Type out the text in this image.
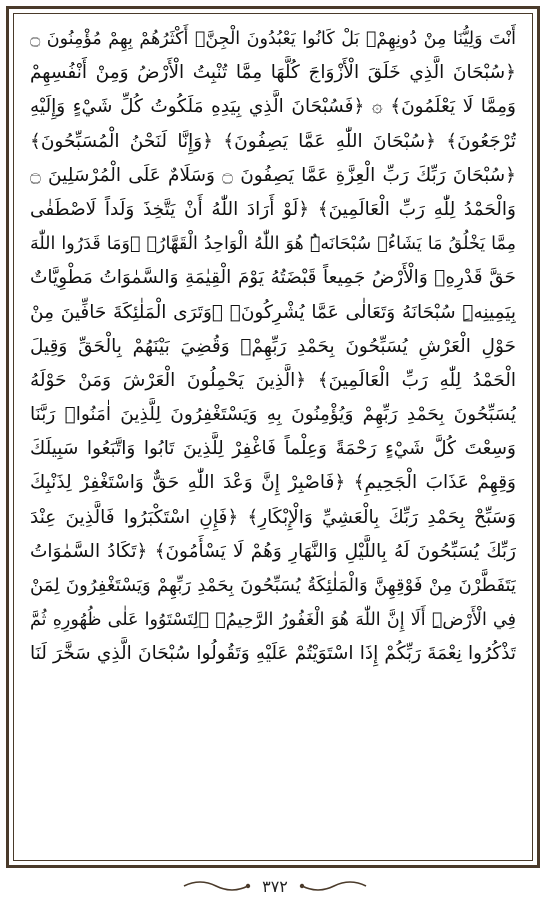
أَنْتَ وَلِيُّنَا مِنْ دُونِهِمْۚ بَلْ كَانُوا يَعْبُدُونَ الْجِنَّۚ أَكْثَرُهُمْ بِهِمْ مُؤْمِنُونَ ۝
﴿سُبْحَانَ الَّذِي خَلَقَ الْأَزْوَاجَ كُلَّهَا مِمَّا تُنْبِتُ الْأَرْضُ وَمِنْ أَنْفُسِهِمْ
وَمِمَّا لَا يَعْلَمُونَ﴾ ۞ ﴿فَسُبْحَانَ الَّذِي بِيَدِهِ مَلَكُوتُ كُلِّ شَيْءٍ وَإِلَيْهِ
تُرْجَعُونَ﴾ ﴿سُبْحَانَ اللّٰهِ عَمَّا يَصِفُونَ﴾ ﴿وَإِنَّا لَنَحْنُ الْمُسَبِّحُونَ﴾
﴿سُبْحَانَ رَبِّكَ رَبِّ الْعِزَّةِ عَمَّا يَصِفُونَ ۝ وَسَلَامٌ عَلَى الْمُرْسَلِينَ ۝
وَالْحَمْدُ لِلّٰهِ رَبِّ الْعَالَمِينَ﴾ ﴿لَوْ أَرَادَ اللّٰهُ أَنْ يَتَّخِذَ وَلَداً لَاصْطَفٰى
مِمَّا يَخْلُقُ مَا يَشَاءُۙ سُبْحَانَهُۜ هُوَ اللّٰهُ الْوَاحِدُ الْقَهَّارُ﴾ ﴿وَمَا قَدَرُوا اللّٰهَ
حَقَّ قَدْرِهِۗ وَالْأَرْضُ جَمِيعاً قَبْضَتُهُ يَوْمَ الْقِيٰمَةِ وَالسَّمٰوَاتُ مَطْوِيَّاتٌ
بِيَمِينِهِۜ سُبْحَانَهُ وَتَعَالٰى عَمَّا يُشْرِكُونَ﴾ ﴿وَتَرَى الْمَلٰئِكَةَ حَافِّينَ مِنْ
حَوْلِ الْعَرْشِ يُسَبِّحُونَ بِحَمْدِ رَبِّهِمْۚ وَقُضِيَ بَيْنَهُمْ بِالْحَقِّ وَقِيلَ
الْحَمْدُ لِلّٰهِ رَبِّ الْعَالَمِينَ﴾ ﴿الَّذِينَ يَحْمِلُونَ الْعَرْشَ وَمَنْ حَوْلَهُ
يُسَبِّحُونَ بِحَمْدِ رَبِّهِمْ وَيُؤْمِنُونَ بِهِ وَيَسْتَغْفِرُونَ لِلَّذِينَ اٰمَنُواۚ رَبَّنَا
وَسِعْتَ كُلَّ شَيْءٍ رَحْمَةً وَعِلْماً فَاغْفِرْ لِلَّذِينَ تَابُوا وَاتَّبَعُوا سَبِيلَكَ
وَقِهِمْ عَذَابَ الْجَحِيمِ﴾ ﴿فَاصْبِرْ إِنَّ وَعْدَ اللّٰهِ حَقٌّ وَاسْتَغْفِرْ لِذَنْبِكَ
وَسَبِّحْ بِحَمْدِ رَبِّكَ بِالْعَشِيِّ وَالْإِبْكَارِ﴾ ﴿فَإِنِ اسْتَكْبَرُوا فَالَّذِينَ عِنْدَ
رَبِّكَ يُسَبِّحُونَ لَهُ بِاللَّيْلِ وَالنَّهَارِ وَهُمْ لَا يَسْأَمُونَ﴾ ﴿تَكَادُ السَّمٰوَاتُ
يَتَفَطَّرْنَ مِنْ فَوْقِهِنَّ وَالْمَلٰئِكَةُ يُسَبِّحُونَ بِحَمْدِ رَبِّهِمْ وَيَسْتَغْفِرُونَ لِمَنْ
فِي الْأَرْضِۜ أَلَا إِنَّ اللّٰهَ هُوَ الْغَفُورُ الرَّحِيمُ﴾ ﴿لِتَسْتَوُوا عَلٰى ظُهُورِهِ ثُمَّ
تَذْكُرُوا نِعْمَةَ رَبِّكُمْ إِذَا اسْتَوَيْتُمْ عَلَيْهِ وَتَقُولُوا سُبْحَانَ الَّذِي سَخَّرَ لَنَا
٣٧٢
